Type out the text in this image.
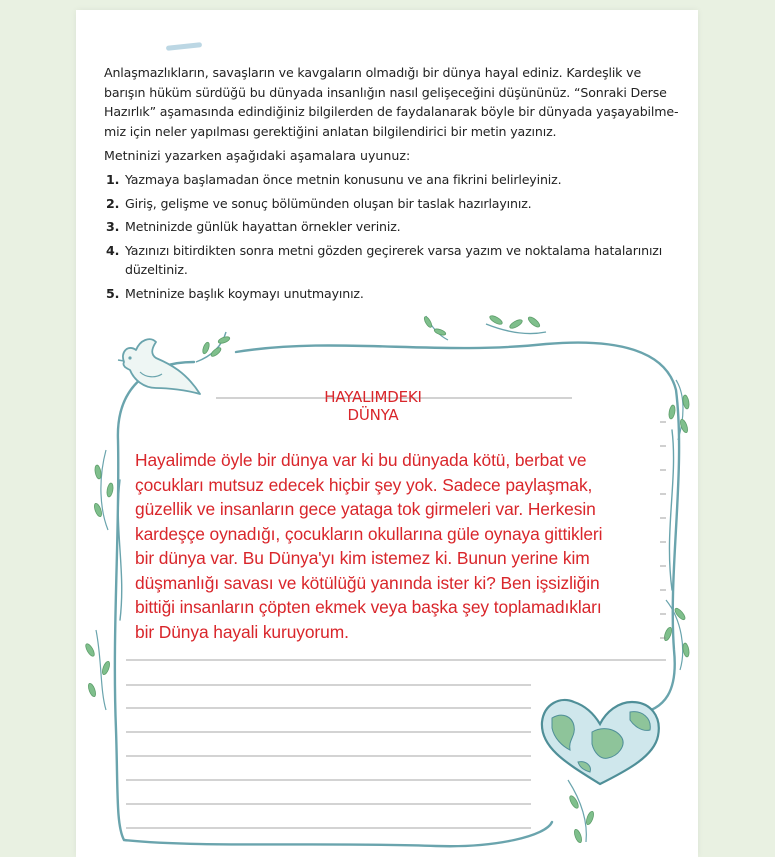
Anlaşmazlıkların, savaşların ve kavgaların olmadığı bir dünya hayal ediniz. Kardeşlik ve

barışın hüküm sürdüğü bu dünyada insanlığın nasıl gelişeceğini düşününüz. “Sonraki Derse

Hazırlık” aşamasında edindiğiniz bilgilerden de faydalanarak böyle bir dünyada yaşayabilme-

miz için neler yapılması gerektiğini anlatan bilgilendirici bir metin yazınız.

Metninizi yazarken aşağıdaki aşamalara uyunuz:
1. Yazmaya başlamadan önce metnin konusunu ve ana fikrini belirleyiniz.
2. Giriş, gelişme ve sonuç bölümünden oluşan bir taslak hazırlayınız.
3. Metninizde günlük hayattan örnekler veriniz.
4. Yazınızı bitirdikten sonra metni gözden geçirerek varsa yazım ve noktalama hatalarınızı düzeltiniz.
5. Metninize başlık koymayı unutmayınız.
HAYALIMDEKI DÜNYA
Hayalimde öyle bir dünya var ki bu dünyada kötü, berbat ve
çocukları mutsuz edecek hiçbir şey yok. Sadece paylaşmak,
güzellik ve insanların gece yataga tok girmeleri var. Herkesin
kardeşçe oynadığı, çocukların okullarına güle oynaya gittikleri
bir dünya var. Bu Dünya'yı kim istemez ki. Bunun yerine kim
düşmanlığı savası ve kötülüğü yanında ister ki? Ben işsizliğin
bittiği insanların çöpten ekmek veya başka şey toplamadıkları
bir Dünya hayali kuruyorum.
